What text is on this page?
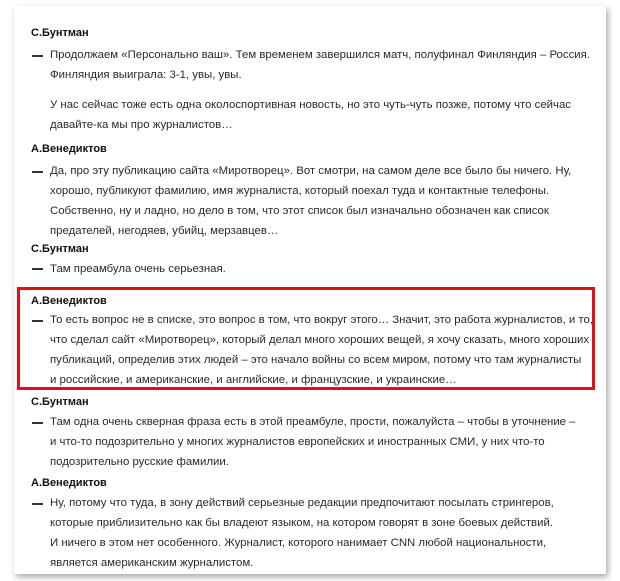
С.Бунтман
Продолжаем «Персонально ваш». Тем временем завершился матч, полуфинал Финляндия – Россия.
Финляндия выиграла: 3-1, увы, увы.
У нас сейчас тоже есть одна околоспортивная новость, но это чуть-чуть позже, потому что сейчас
давайте-ка мы про журналистов…
А.Венедиктов
Да, про эту публикацию сайта «Миротворец». Вот смотри, на самом деле все было бы ничего. Ну,
хорошо, публикуют фамилию, имя журналиста, который поехал туда и контактные телефоны.
Собственно, ну и ладно, но дело в том, что этот список был изначально обозначен как список
предателей, негодяев, убийц, мерзавцев…
С.Бунтман
Там преамбула очень серьезная.
А.Венедиктов
То есть вопрос не в списке, это вопрос в том, что вокруг этого… Значит, это работа журналистов, и то,
что сделал сайт «Миротворец», который делал много хороших вещей, я хочу сказать, много хороших
публикаций, определив этих людей – это начало войны со всем миром, потому что там журналисты
и российские, и американские, и английские, и французские, и украинские…
С.Бунтман
Там одна очень скверная фраза есть в этой преамбуле, прости, пожалуйста – чтобы в уточнение –
и что-то подозрительно у многих журналистов европейских и иностранных СМИ, у них что-то
подозрительно русские фамилии.
А.Венедиктов
Ну, потому что туда, в зону действий серьезные редакции предпочитают посылать стрингеров,
которые приблизительно как бы владеют языком, на котором говорят в зоне боевых действий.
И ничего в этом нет особенного. Журналист, которого нанимает CNN любой национальности,
является американским журналистом.
